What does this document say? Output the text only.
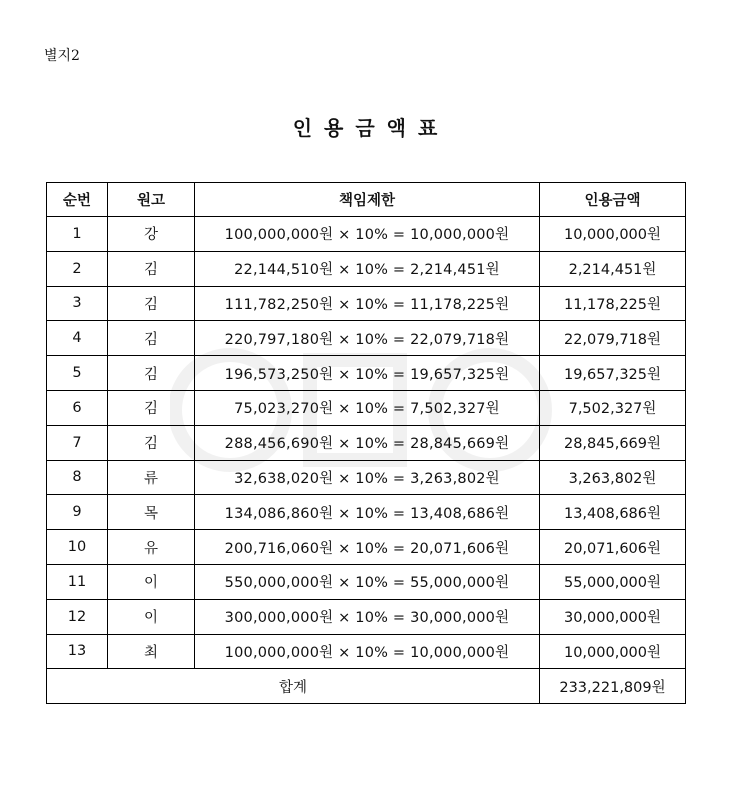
별지2
인용금액표
순번	원고	책임제한	인용금액
1	강	100,000,000원 × 10% = 10,000,000원	10,000,000원
2	김	22,144,510원 × 10% = 2,214,451원	2,214,451원
3	김	111,782,250원 × 10% = 11,178,225원	11,178,225원
4	김	220,797,180원 × 10% = 22,079,718원	22,079,718원
5	김	196,573,250원 × 10% = 19,657,325원	19,657,325원
6	김	75,023,270원 × 10% = 7,502,327원	7,502,327원
7	김	288,456,690원 × 10% = 28,845,669원	28,845,669원
8	류	32,638,020원 × 10% = 3,263,802원	3,263,802원
9	목	134,086,860원 × 10% = 13,408,686원	13,408,686원
10	유	200,716,060원 × 10% = 20,071,606원	20,071,606원
11	이	550,000,000원 × 10% = 55,000,000원	55,000,000원
12	이	300,000,000원 × 10% = 30,000,000원	30,000,000원
13	최	100,000,000원 × 10% = 10,000,000원	10,000,000원
합계			233,221,809원
